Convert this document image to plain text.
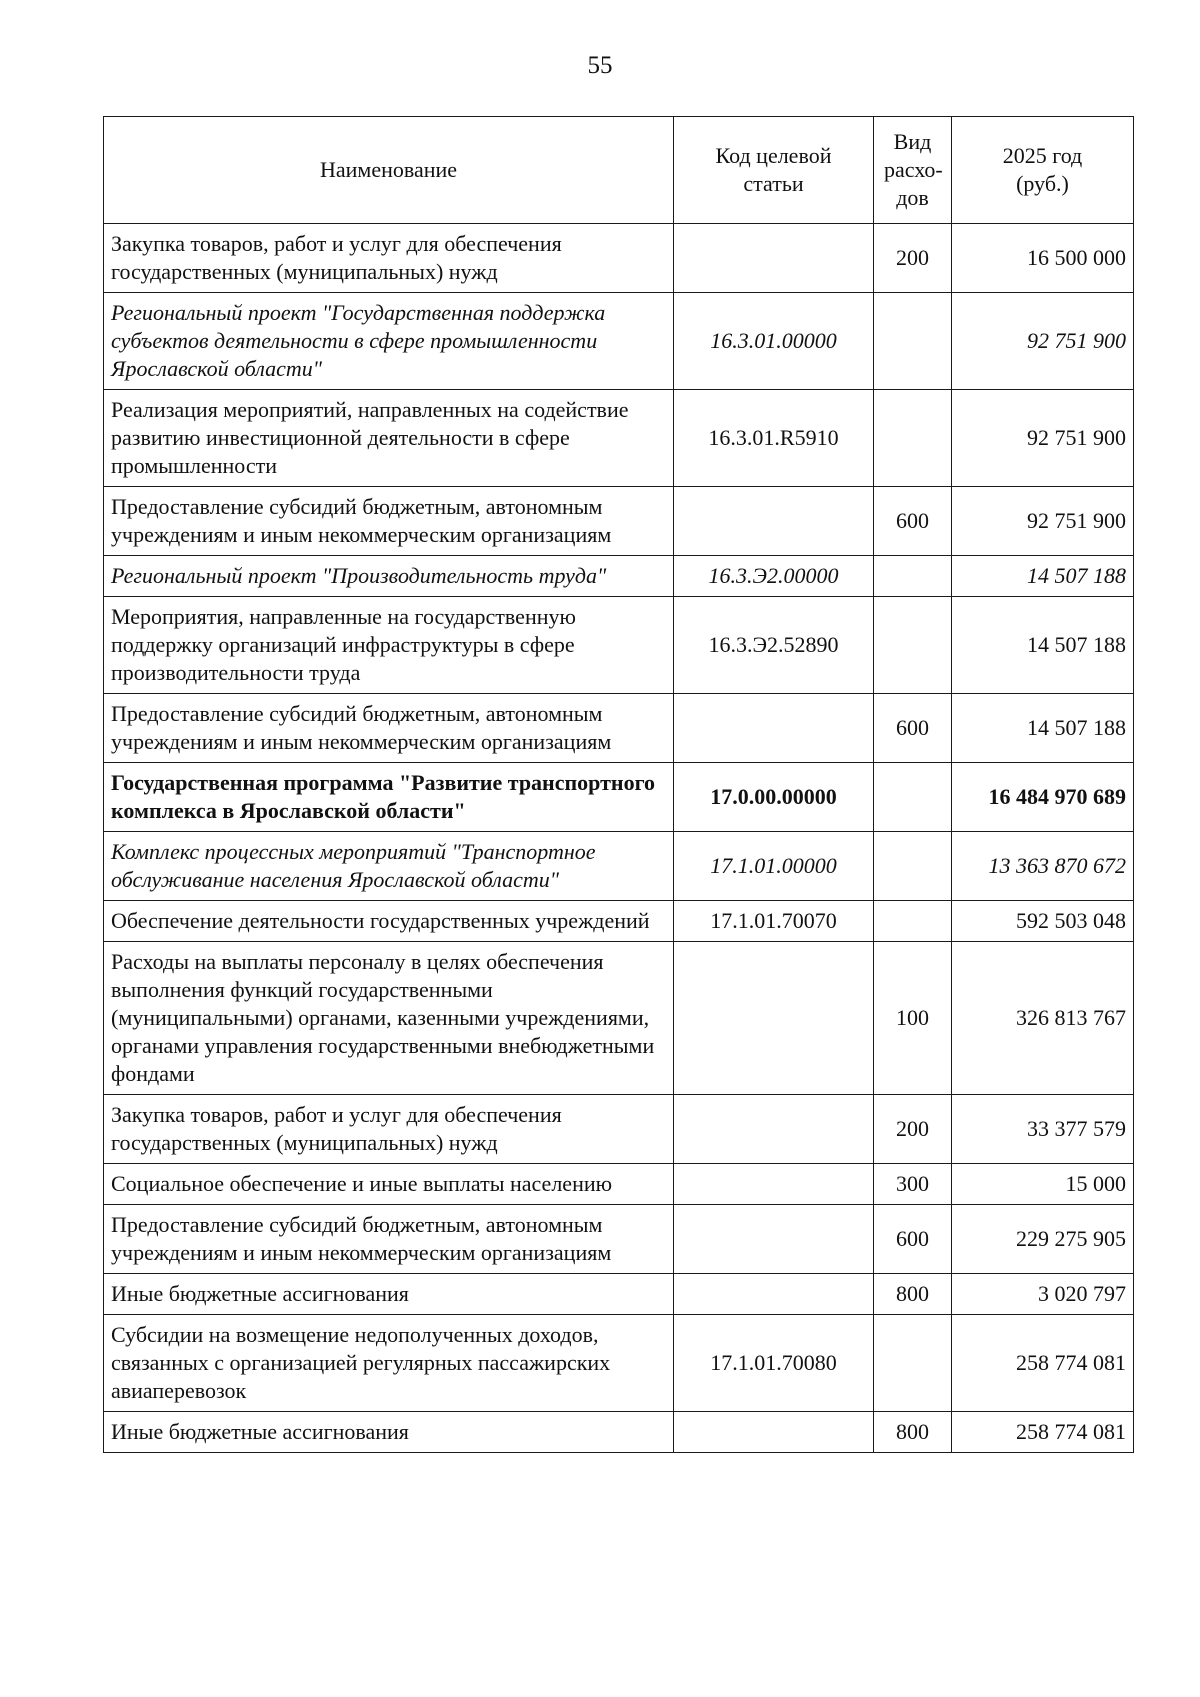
55
Наименование	Код целевой статьи	Вид расхо-дов	2025 год (руб.)
Закупка товаров, работ и услуг для обеспечения государственных (муниципальных) нужд		200	16 500 000
Региональный проект "Государственная поддержка субъектов деятельности в сфере промышленности Ярославской области"	16.3.01.00000		92 751 900
Реализация мероприятий, направленных на содействие развитию инвестиционной деятельности в сфере промышленности	16.3.01.R5910		92 751 900
Предоставление субсидий бюджетным, автономным учреждениям и иным некоммерческим организациям		600	92 751 900
Региональный проект "Производительность труда"	16.3.Э2.00000		14 507 188
Мероприятия, направленные на государственную поддержку организаций инфраструктуры в сфере производительности труда	16.3.Э2.52890		14 507 188
Предоставление субсидий бюджетным, автономным учреждениям и иным некоммерческим организациям		600	14 507 188
Государственная программа "Развитие транспортного комплекса в Ярославской области"	17.0.00.00000		16 484 970 689
Комплекс процессных мероприятий "Транспортное обслуживание населения Ярославской области"	17.1.01.00000		13 363 870 672
Обеспечение деятельности государственных учреждений	17.1.01.70070		592 503 048
Расходы на выплаты персоналу в целях обеспечения выполнения функций государственными (муниципальными) органами, казенными учреждениями, органами управления государственными внебюджетными фондами		100	326 813 767
Закупка товаров, работ и услуг для обеспечения государственных (муниципальных) нужд		200	33 377 579
Социальное обеспечение и иные выплаты населению		300	15 000
Предоставление субсидий бюджетным, автономным учреждениям и иным некоммерческим организациям		600	229 275 905
Иные бюджетные ассигнования		800	3 020 797
Субсидии на возмещение недополученных доходов, связанных с организацией регулярных пассажирских авиаперевозок	17.1.01.70080		258 774 081
Иные бюджетные ассигнования		800	258 774 081
